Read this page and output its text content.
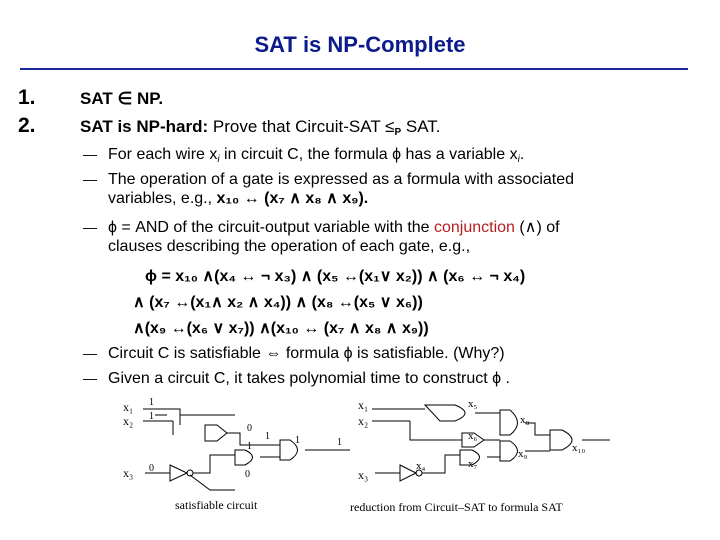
SAT is NP-Complete
1.	SAT ∈ NP.
2.	SAT is NP-hard: Prove that Circuit-SAT $\le_P$ SAT.
— For each wire xi in circuit C, the formula ϕ has a variable xi.
— The operation of a gate is expressed as a formula with associated
variables, e.g., x₁₀ ↔ (x₇ ∧ x₈ ∧ x₉).
— ϕ = AND of the circuit-output variable with the conjunction (∧) of
clauses describing the operation of each gate, e.g.,
ϕ = x₁₀ ∧(x₄ ↔ ¬ x₃) ∧ (x₅ ↔(x₁∨ x₂)) ∧ (x₆ ↔ ¬ x₄)
∧ (x₇ ↔(x₁∧ x₂ ∧ x₄)) ∧ (x₈ ↔(x₅ ∨ x₆))
∧(x₉ ↔(x₆ ∨ x₇)) ∧(x₁₀ ↔ (x₇ ∧ x₈ ∧ x₉))
— Circuit C is satisfiable ⇔ formula ϕ is satisfiable. (Why?)
— Given a circuit C, it takes polynomial time to construct ϕ .
x₁
x₂
x₃
1
1
0
0
1
1	1
0
1
satisfiable circuit
x₁
x₂
x₃
x₄
x₅
x₆
x₇
x₈
x₉	x₁₀
reduction from Circuit–SAT to formula SAT
